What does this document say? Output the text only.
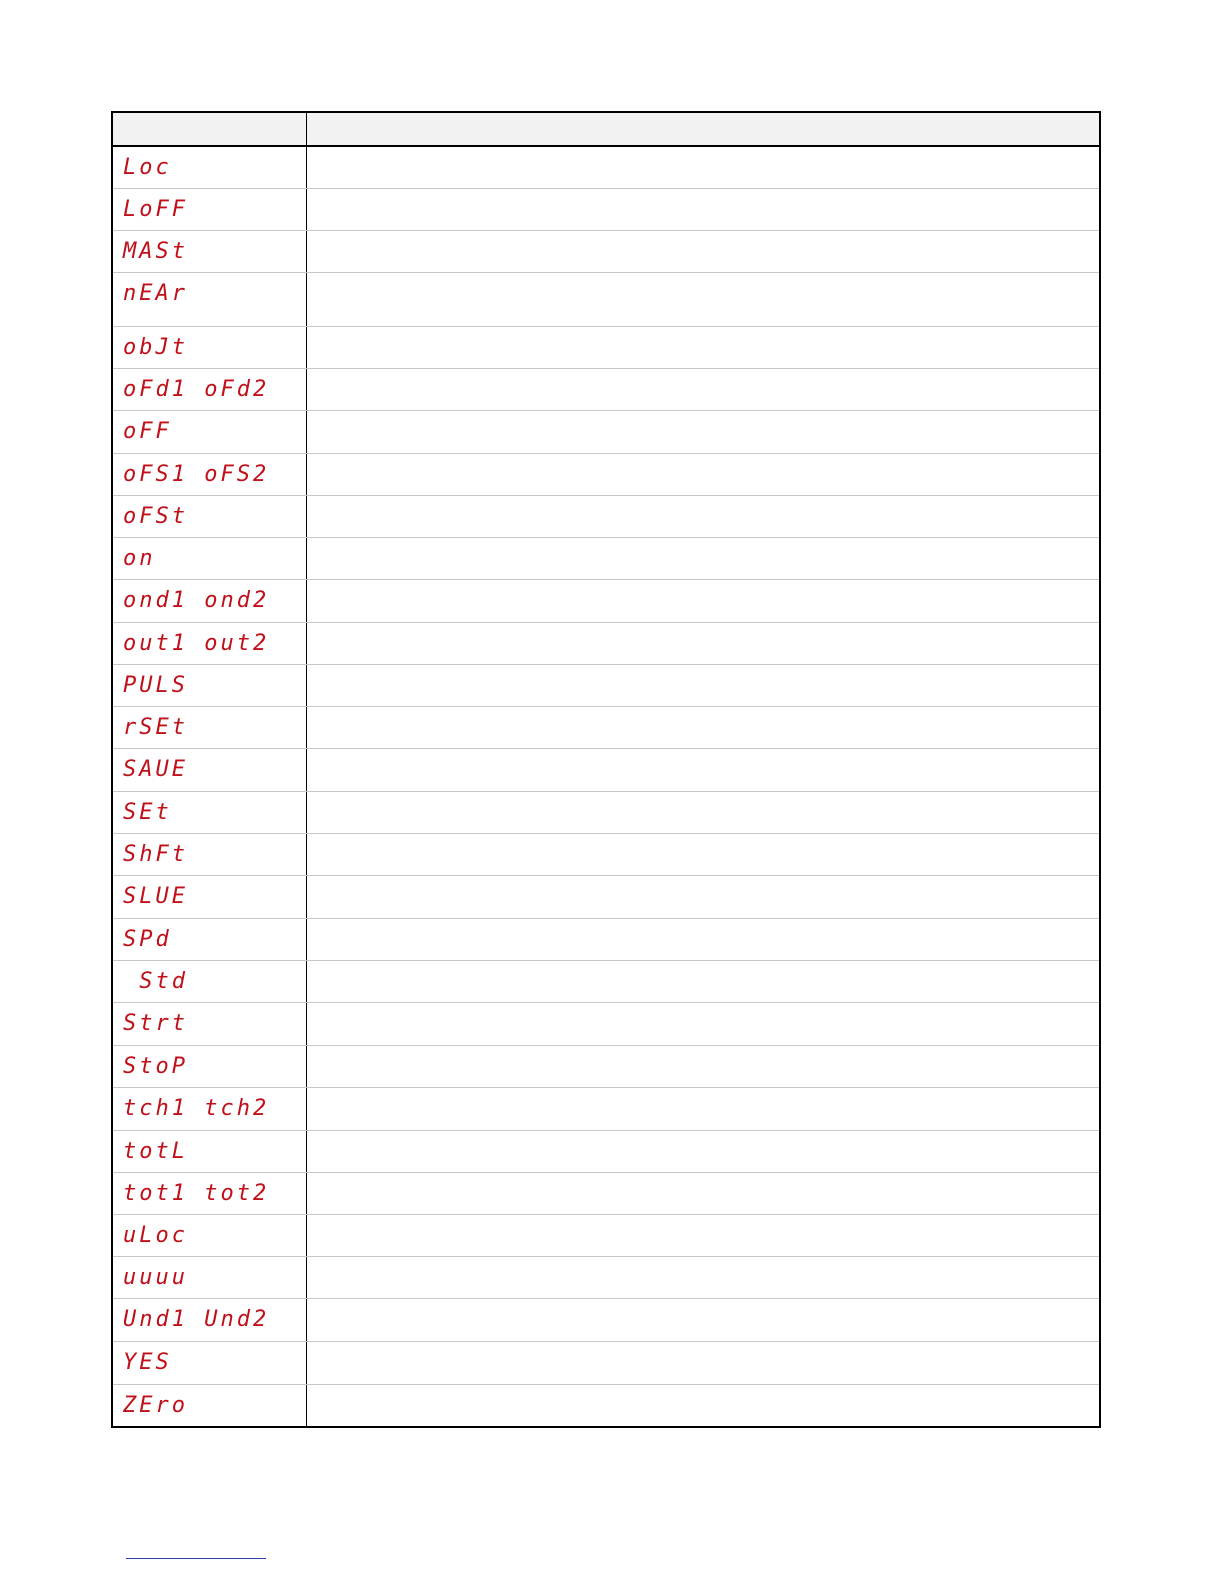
Loc
LoFF
MASt
nEAr
obJt
oFd1 oFd2
oFF
oFS1 oFS2
oFSt
on
ond1 ond2
out1 out2
PULS
rSEt
SAUE
SEt
ShFt
SLUE
SPd
Std
Strt
StoP
tch1 tch2
totL
tot1 tot2
uLoc
uuuu
Und1 Und2
YES
ZEro
